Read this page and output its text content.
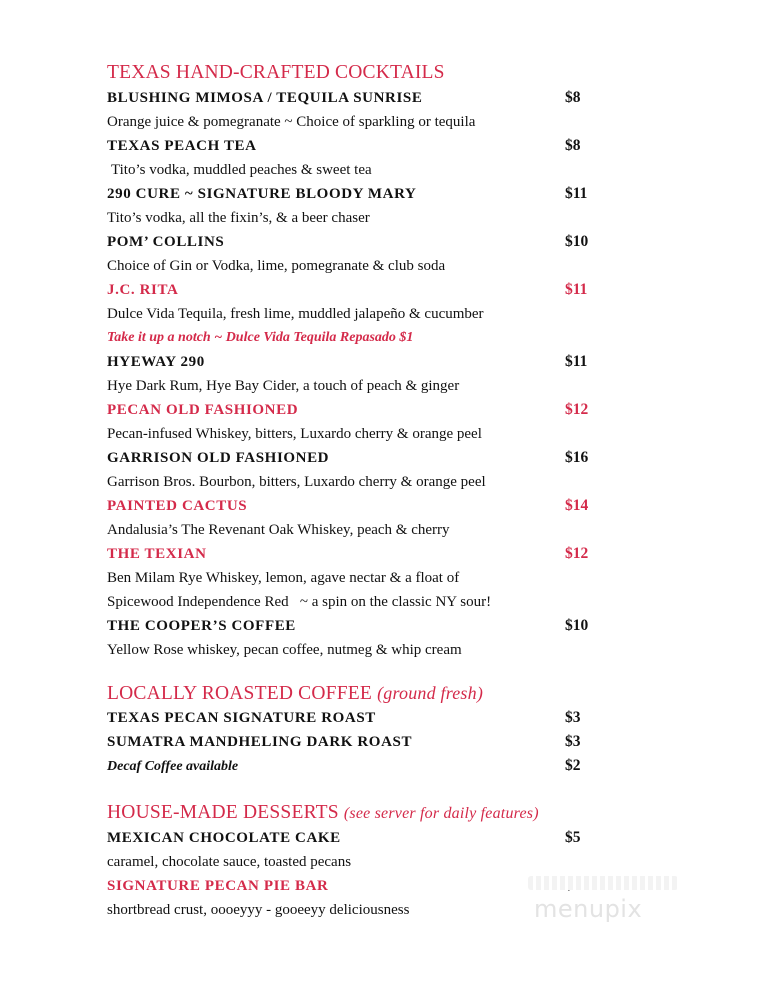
TEXAS HAND-CRAFTED COCKTAILS
BLUSHING MIMOSA / TEQUILA SUNRISE	$8
Orange juice & pomegranate ~ Choice of sparkling or tequila
TEXAS PEACH TEA	$8
Tito’s vodka, muddled peaches & sweet tea
290 CURE ~ SIGNATURE BLOODY MARY	$11
Tito’s vodka, all the fixin’s, & a beer chaser
POM’ COLLINS	$10
Choice of Gin or Vodka, lime, pomegranate & club soda
J.C. RITA	$11
Dulce Vida Tequila, fresh lime, muddled jalapeño & cucumber
Take it up a notch ~ Dulce Vida Tequila Repasado $1
HYEWAY 290	$11
Hye Dark Rum, Hye Bay Cider, a touch of peach & ginger
PECAN OLD FASHIONED	$12
Pecan-infused Whiskey, bitters, Luxardo cherry & orange peel
GARRISON OLD FASHIONED	$16
Garrison Bros. Bourbon, bitters, Luxardo cherry & orange peel
PAINTED CACTUS	$14
Andalusia’s The Revenant Oak Whiskey, peach & cherry
THE TEXIAN	$12
Ben Milam Rye Whiskey, lemon, agave nectar & a float of
Spicewood Independence Red   ~ a spin on the classic NY sour!
THE COOPER’S COFFEE	$10
Yellow Rose whiskey, pecan coffee, nutmeg & whip cream
LOCALLY ROASTED COFFEE (ground fresh)
TEXAS PECAN SIGNATURE ROAST	$3
SUMATRA MANDHELING DARK ROAST	$3
Decaf Coffee available	$2
HOUSE-MADE DESSERTS (see server for daily features)
MEXICAN CHOCOLATE CAKE	$5
caramel, chocolate sauce, toasted pecans
SIGNATURE PECAN PIE BAR
shortbread crust, oooeyyy - gooeeyy deliciousness	menupix
